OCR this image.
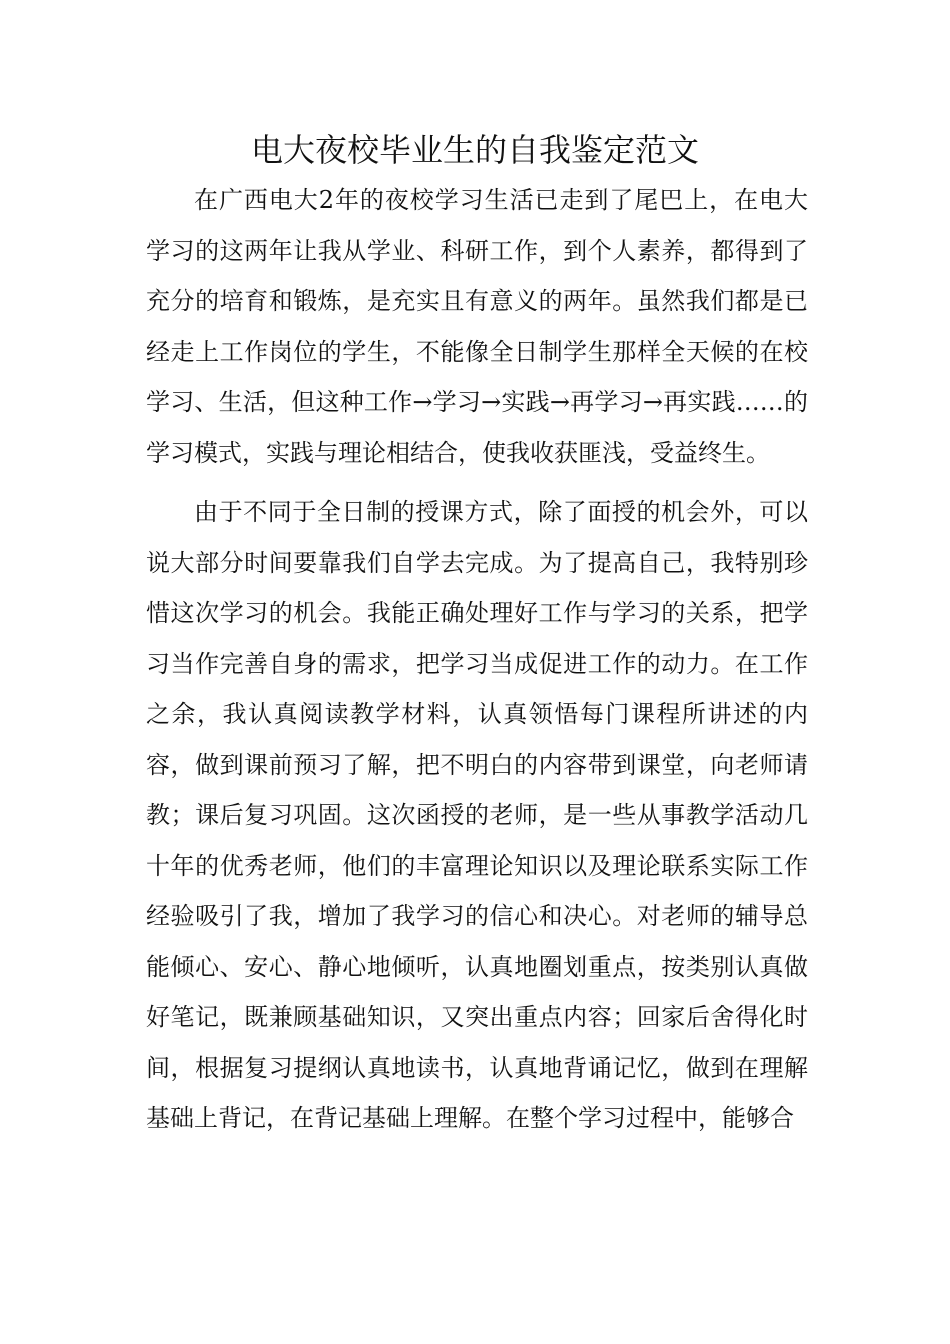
电大夜校毕业生的自我鉴定范文

在广西电大2年的夜校学习生活已走到了尾巴上，在电大学习的这两年让我从学业、科研工作，到个人素养，都得到了充分的培育和锻炼，是充实且有意义的两年。虽然我们都是已经走上工作岗位的学生，不能像全日制学生那样全天候的在校学习、生活，但这种工作→学习→实践→再学习→再实践……的学习模式，实践与理论相结合，使我收获匪浅，受益终生。

由于不同于全日制的授课方式，除了面授的机会外，可以说大部分时间要靠我们自学去完成。为了提高自己，我特别珍惜这次学习的机会。我能正确处理好工作与学习的关系，把学习当作完善自身的需求，把学习当成促进工作的动力。在工作之余，我认真阅读教学材料，认真领悟每门课程所讲述的内容，做到课前预习了解，把不明白的内容带到课堂，向老师请教；课后复习巩固。这次函授的老师，是一些从事教学活动几十年的优秀老师，他们的丰富理论知识以及理论联系实际工作经验吸引了我，增加了我学习的信心和决心。对老师的辅导总能倾心、安心、静心地倾听，认真地圈划重点，按类别认真做好笔记，既兼顾基础知识，又突出重点内容；回家后舍得化时间，根据复习提纲认真地读书，认真地背诵记忆，做到在理解基础上背记，在背记基础上理解。在整个学习过程中，能够合
